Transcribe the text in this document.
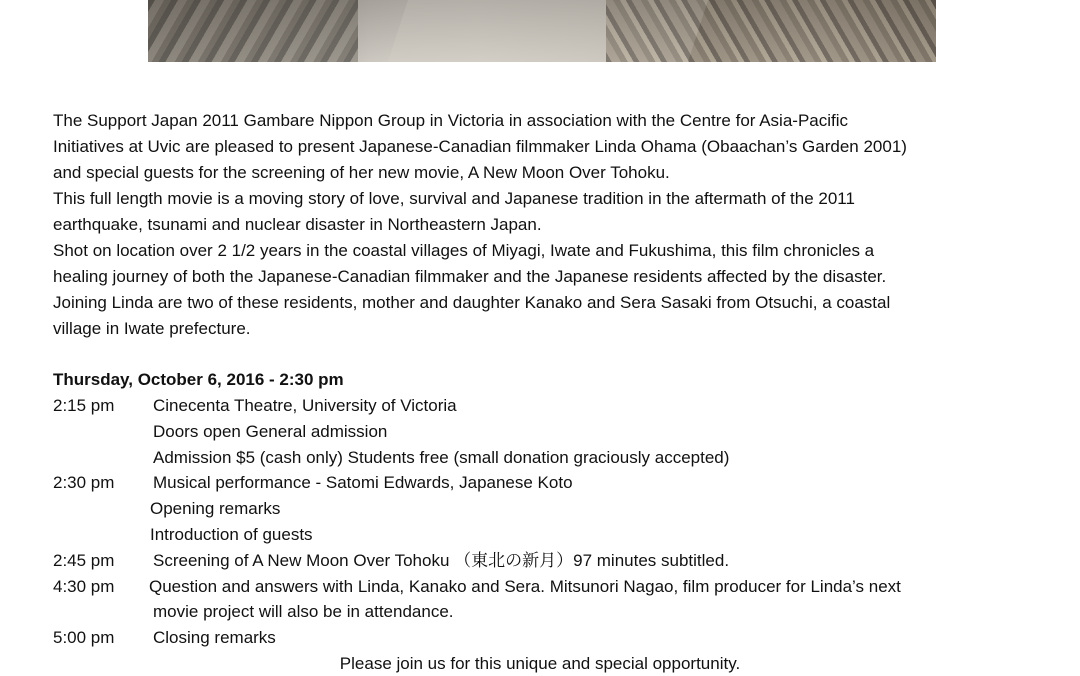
The Support Japan 2011 Gambare Nippon Group in Victoria in association with the Centre for Asia-Pacific

Initiatives at Uvic are pleased to present Japanese-Canadian filmmaker Linda Ohama (Obaachan’s Garden 2001)

and special guests for the screening of her new movie, A New Moon Over Tohoku.

This full length movie is a moving story of love, survival and Japanese tradition in the aftermath of the 2011

earthquake, tsunami and nuclear disaster in Northeastern Japan.

Shot on location over 2 1/2 years in the coastal villages of Miyagi, Iwate and Fukushima, this film chronicles a

healing journey of both the Japanese-Canadian filmmaker and the Japanese residents affected by the disaster.

Joining Linda are two of these residents, mother and daughter Kanako and Sera Sasaki from Otsuchi, a coastal

village in Iwate prefecture.

Thursday, October 6, 2016 - 2:30 pm
2:15 pm	Cinecenta Theatre, University of Victoria
Doors open General admission
Admission $5 (cash only) Students free (small donation graciously accepted)
2:30 pm	Musical performance - Satomi Edwards, Japanese Koto
Opening remarks
Introduction of guests
2:45 pm	Screening of A New Moon Over Tohoku （東北の新月）97 minutes subtitled.
4:30 pm	Question and answers with Linda, Kanako and Sera. Mitsunori Nagao, film producer for Linda’s next
movie project will also be in attendance.
5:00 pm	Closing remarks
Please join us for this unique and special opportunity.
